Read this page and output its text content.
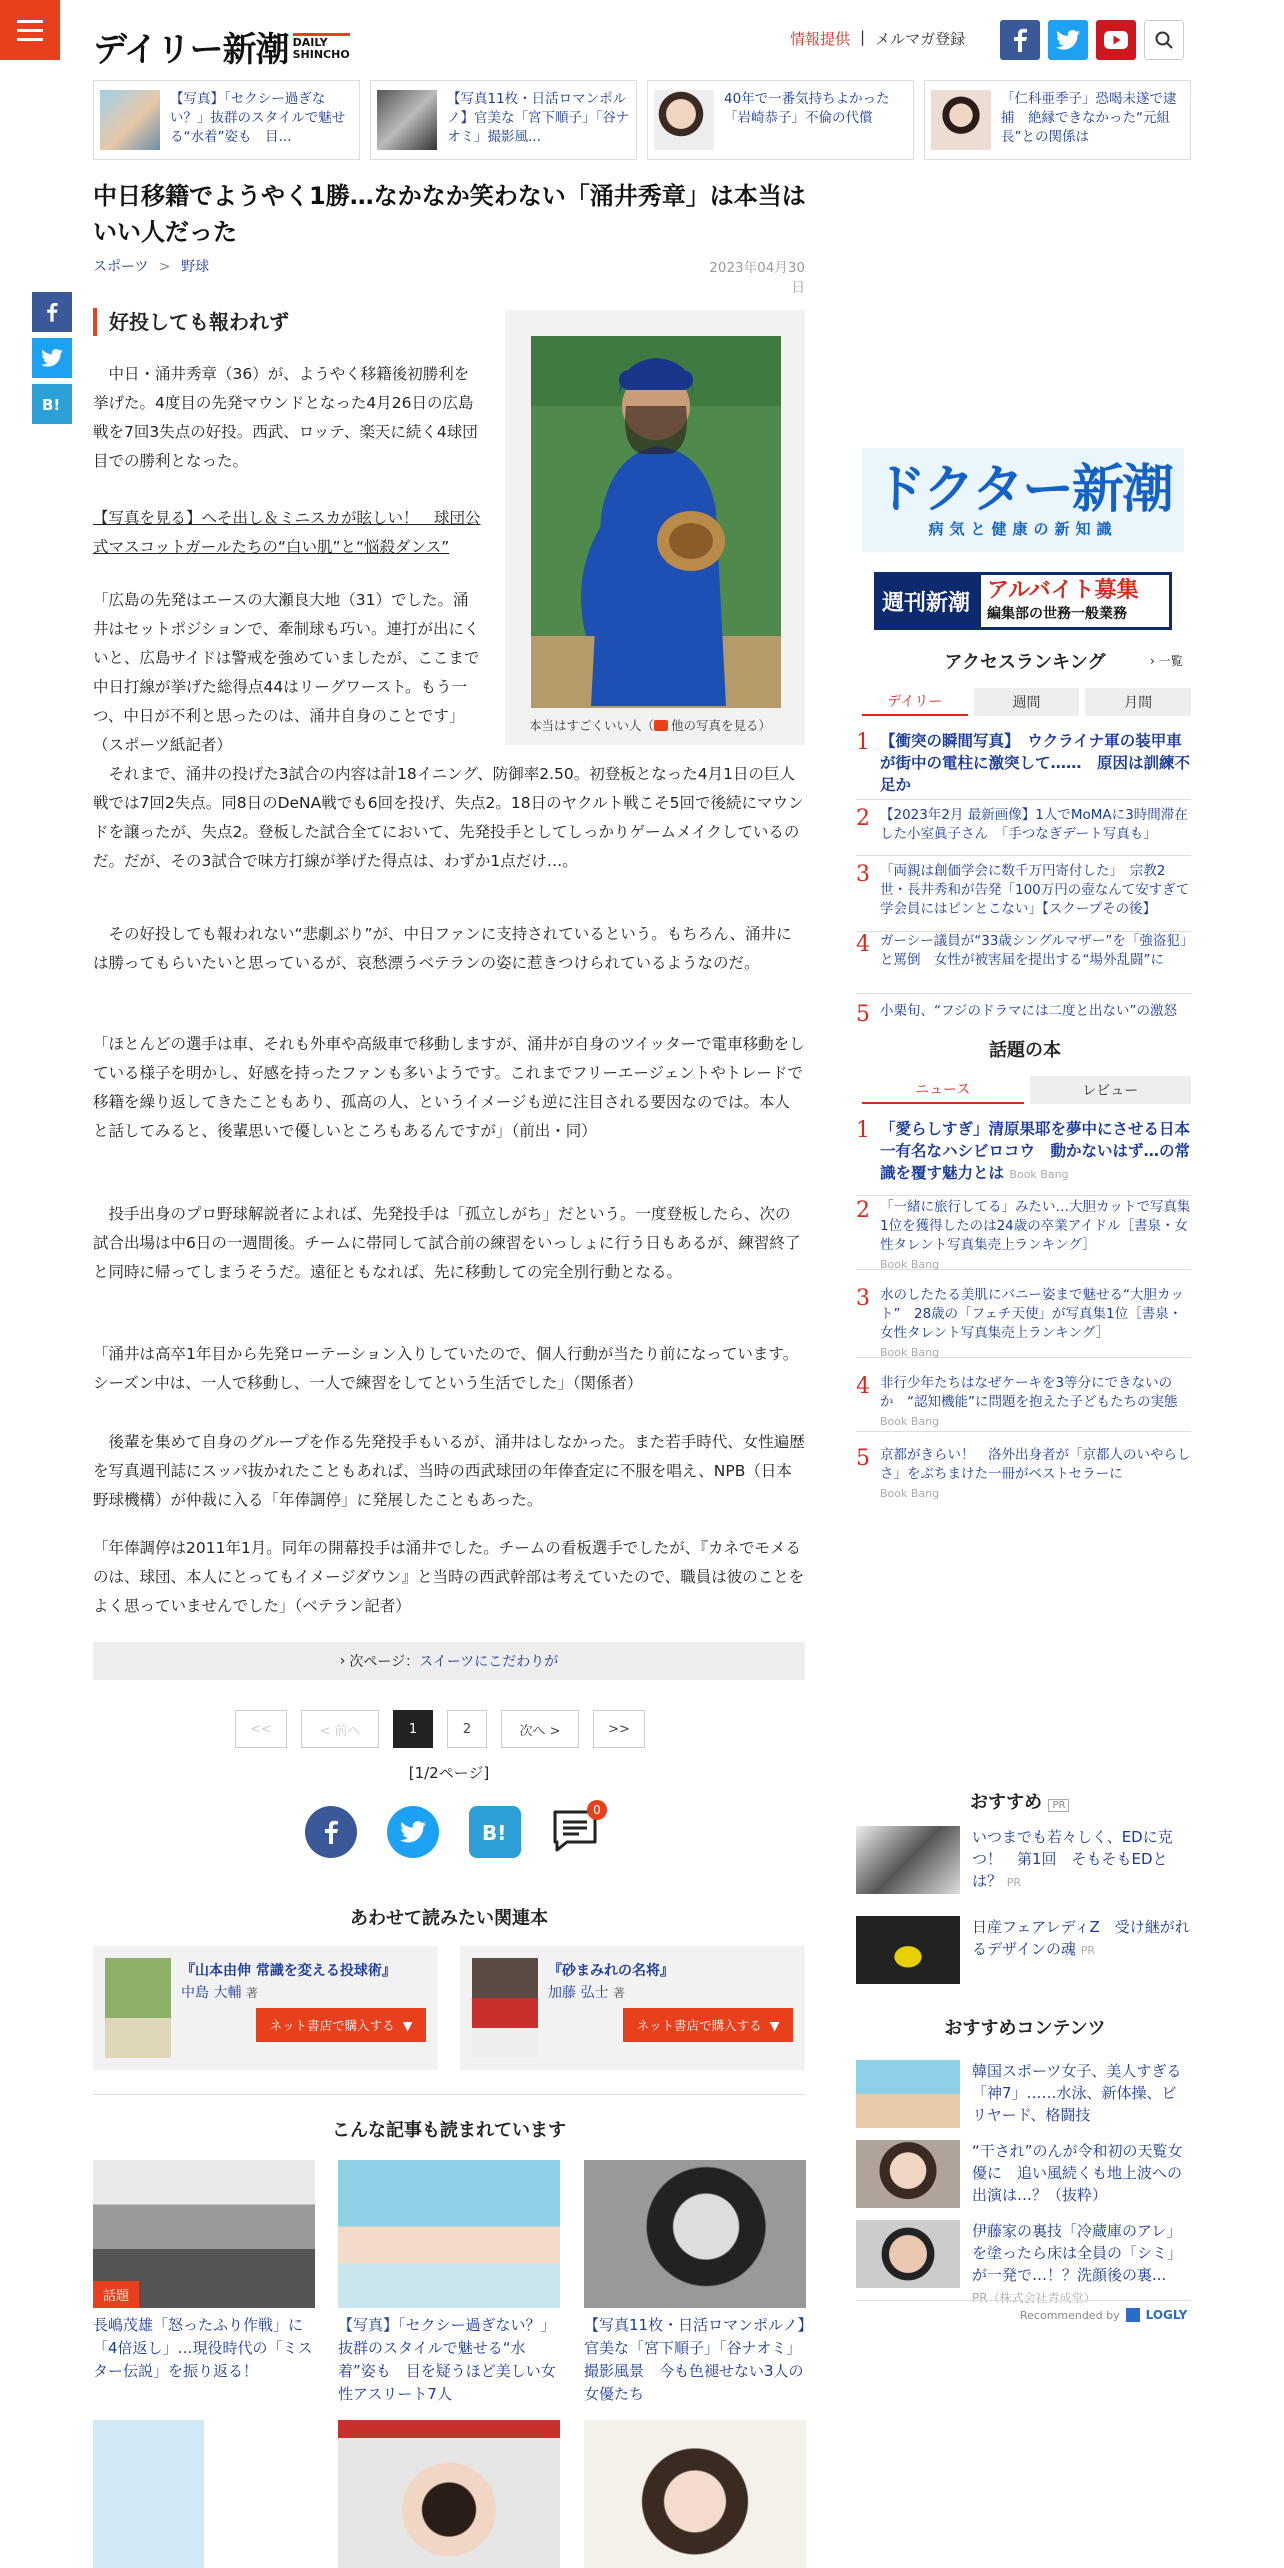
デイリー新潮 DAILY
SHINCHO
情報提供 | メルマガ登録
【写真】「セクシー過ぎない？」抜群のスタイルで魅せる“水着”姿も　目...
【写真11枚・日活ロマンポルノ】官美な「宮下順子」「谷ナオミ」撮影風...
40年で一番気持ちよかった「岩崎恭子」不倫の代償
「仁科亜季子」恐喝未遂で逮捕　絶縁できなかった“元組長”との関係は
中日移籍でようやく1勝…なかなか笑わない「涌井秀章」は本当はいい人だった
スポーツ > 野球	2023年04月30日
B!
好投しても報われず
本当はすごくいい人（ 他の写真を見る）

　中日・涌井秀章（36）が、ようやく移籍後初勝利を挙げた。4度目の先発マウンドとなった4月26日の広島戦を7回3失点の好投。西武、ロッテ、楽天に続く4球団目での勝利となった。

【写真を見る】へそ出し＆ミニスカが眩しい！　球団公式マスコットガールたちの“白い肌”と“悩殺ダンス”

「広島の先発はエースの大瀬良大地（31）でした。涌井はセットポジションで、牽制球も巧い。連打が出にくいと、広島サイドは警戒を強めていましたが、ここまで中日打線が挙げた総得点44はリーグワースト。もう一つ、中日が不利と思ったのは、涌井自身のことです」（スポーツ紙記者）

　それまで、涌井の投げた3試合の内容は計18イニング、防御率2.50。初登板となった4月1日の巨人戦では7回2失点。同8日のDeNA戦でも6回を投げ、失点2。18日のヤクルト戦こそ5回で後続にマウンドを譲ったが、失点2。登板した試合全てにおいて、先発投手としてしっかりゲームメイクしているのだ。だが、その3試合で味方打線が挙げた得点は、わずか1点だけ…。

　その好投しても報われない“悲劇ぶり”が、中日ファンに支持されているという。もちろん、涌井には勝ってもらいたいと思っているが、哀愁漂うベテランの姿に惹きつけられているようなのだ。

「ほとんどの選手は車、それも外車や高級車で移動しますが、涌井が自身のツイッターで電車移動をしている様子を明かし、好感を持ったファンも多いようです。これまでフリーエージェントやトレードで移籍を繰り返してきたこともあり、孤高の人、というイメージも逆に注目される要因なのでは。本人と話してみると、後輩思いで優しいところもあるんですが」（前出・同）

　投手出身のプロ野球解説者によれば、先発投手は「孤立しがち」だという。一度登板したら、次の試合出場は中6日の一週間後。チームに帯同して試合前の練習をいっしょに行う日もあるが、練習終了と同時に帰ってしまうそうだ。遠征ともなれば、先に移動しての完全別行動となる。

「涌井は高卒1年目から先発ローテーション入りしていたので、個人行動が当たり前になっています。シーズン中は、一人で移動し、一人で練習をしてという生活でした」（関係者）

　後輩を集めて自身のグループを作る先発投手もいるが、涌井はしなかった。また若手時代、女性遍歴を写真週刊誌にスッパ抜かれたこともあれば、当時の西武球団の年俸査定に不服を唱え、NPB（日本野球機構）が仲裁に入る「年俸調停」に発展したこともあった。

「年俸調停は2011年1月。同年の開幕投手は涌井でした。チームの看板選手でしたが、『カネでモメるのは、球団、本人にとってもイメージダウン』と当時の西武幹部は考えていたので、職員は彼のことをよく思っていませんでした」（ベテラン記者）

› 次ページ： スイーツにこだわりが
<<	< 前へ	1	2	次へ >	>>
[1/2ページ]
B!
0
あわせて読みたい関連本
『山本由伸 常識を変える投球術』
中島 大輔 著
ネット書店で購入する ▼
『砂まみれの名将』
加藤 弘士 著
ネット書店で購入する ▼
こんな記事も読まれています
話題
長嶋茂雄「怒ったふり作戦」に「4倍返し」…現役時代の「ミスター伝説」を振り返る！
【写真】「セクシー過ぎない？」抜群のスタイルで魅せる“水着”姿も　目を疑うほど美しい女性アスリート7人
【写真11枚・日活ロマンポルノ】官美な「宮下順子」「谷ナオミ」撮影風景　今も色褪せない3人の女優たち
ドクター新潮
病気と健康の新知識
週刊新潮 アルバイト募集
編集部の世務一般業務
アクセスランキング	› 一覧
デイリー	週間	月間
1 【衝突の瞬間写真】　ウクライナ軍の装甲車が街中の電柱に激突して……　原因は訓練不足か
2 【2023年2月 最新画像】1人でMoMAに3時間滞在した小室眞子さん　「手つなぎデート写真も」
3 「両親は創価学会に数千万円寄付した」　宗教2世・長井秀和が告発「100万円の壺なんて安すぎて学会員にはピンとこない」【スクープその後】
4 ガーシー議員が“33歳シングルマザー”を「強盗犯」と罵倒　女性が被害届を提出する“場外乱闘”に
5 小栗旬、“フジのドラマには二度と出ない”の激怒
話題の本
ニュース	レビュー
1 「愛らしすぎ」清原果耶を夢中にさせる日本一有名なハシビロコウ　動かないはず…の常識を覆す魅力とは Book Bang
2 「一緒に旅行してる」みたい…大胆カットで写真集1位を獲得したのは24歳の卒業アイドル［書泉・女性タレント写真集売上ランキング］
Book Bang
3 水のしたたる美肌にバニー姿まで魅せる“大胆カット”　28歳の「フェチ天使」が写真集1位［書泉・女性タレント写真集売上ランキング］
Book Bang
4 非行少年たちはなぜケーキを3等分にできないのか　“認知機能”に問題を抱えた子どもたちの実態
Book Bang
5 京都がきらい！　洛外出身者が「京都人のいやらしさ」をぶちまけた一冊がベストセラーに
Book Bang
おすすめ PR
いつまでも若々しく、EDに克つ！　第1回　そもそもEDとは？ PR
日産フェアレディZ　受け継がれるデザインの魂 PR
おすすめコンテンツ
韓国スポーツ女子、美人すぎる「神7」……水泳、新体操、ビリヤード、格闘技
“干され”のんが令和初の天覧女優に　追い風続くも地上波への出演は…？（抜粋）
伊藤家の裏技「冷蔵庫のアレ」を塗ったら床は全員の「シミ」が一発で…！？洗顔後の裏...
PR（株式会社青成堂）
Recommended by LOGLY
